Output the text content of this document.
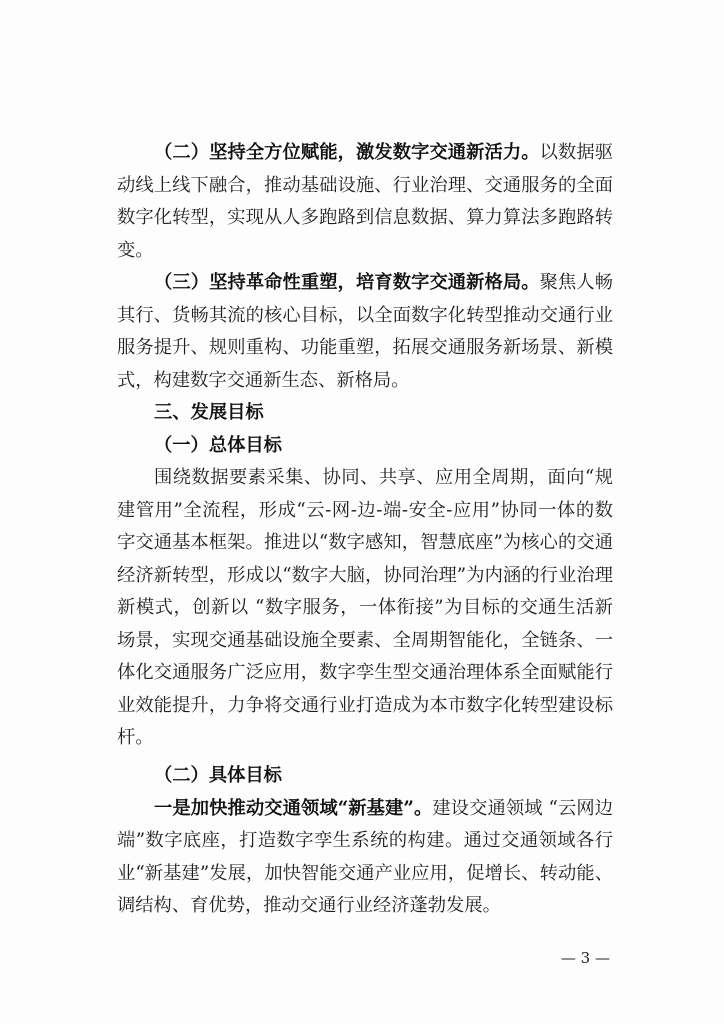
（二）坚持全方位赋能，激发数字交通新活力。以数据驱动线上线下融合，推动基础设施、行业治理、交通服务的全面数字化转型，实现从人多跑路到信息数据、算力算法多跑路转变。

（三）坚持革命性重塑，培育数字交通新格局。聚焦人畅其行、货畅其流的核心目标，以全面数字化转型推动交通行业服务提升、规则重构、功能重塑，拓展交通服务新场景、新模式，构建数字交通新生态、新格局。

三、发展目标

（一）总体目标

围绕数据要素采集、协同、共享、应用全周期，面向“规建管用”全流程，形成“云-网-边-端-安全-应用”协同一体的数字交通基本框架。推进以“数字感知，智慧底座”为核心的交通经济新转型，形成以“数字大脑，协同治理”为内涵的行业治理新模式，创新以 “数字服务，一体衔接”为目标的交通生活新场景，实现交通基础设施全要素、全周期智能化，全链条、一体化交通服务广泛应用，数字孪生型交通治理体系全面赋能行业效能提升，力争将交通行业打造成为本市数字化转型建设标杆。

（二）具体目标

一是加快推动交通领域“新基建”。建设交通领域 “云网边端”数字底座，打造数字孪生系统的构建。通过交通领域各行业“新基建”发展，加快智能交通产业应用，促增长、转动能、调结构、育优势，推动交通行业经济蓬勃发展。

— 3 —
